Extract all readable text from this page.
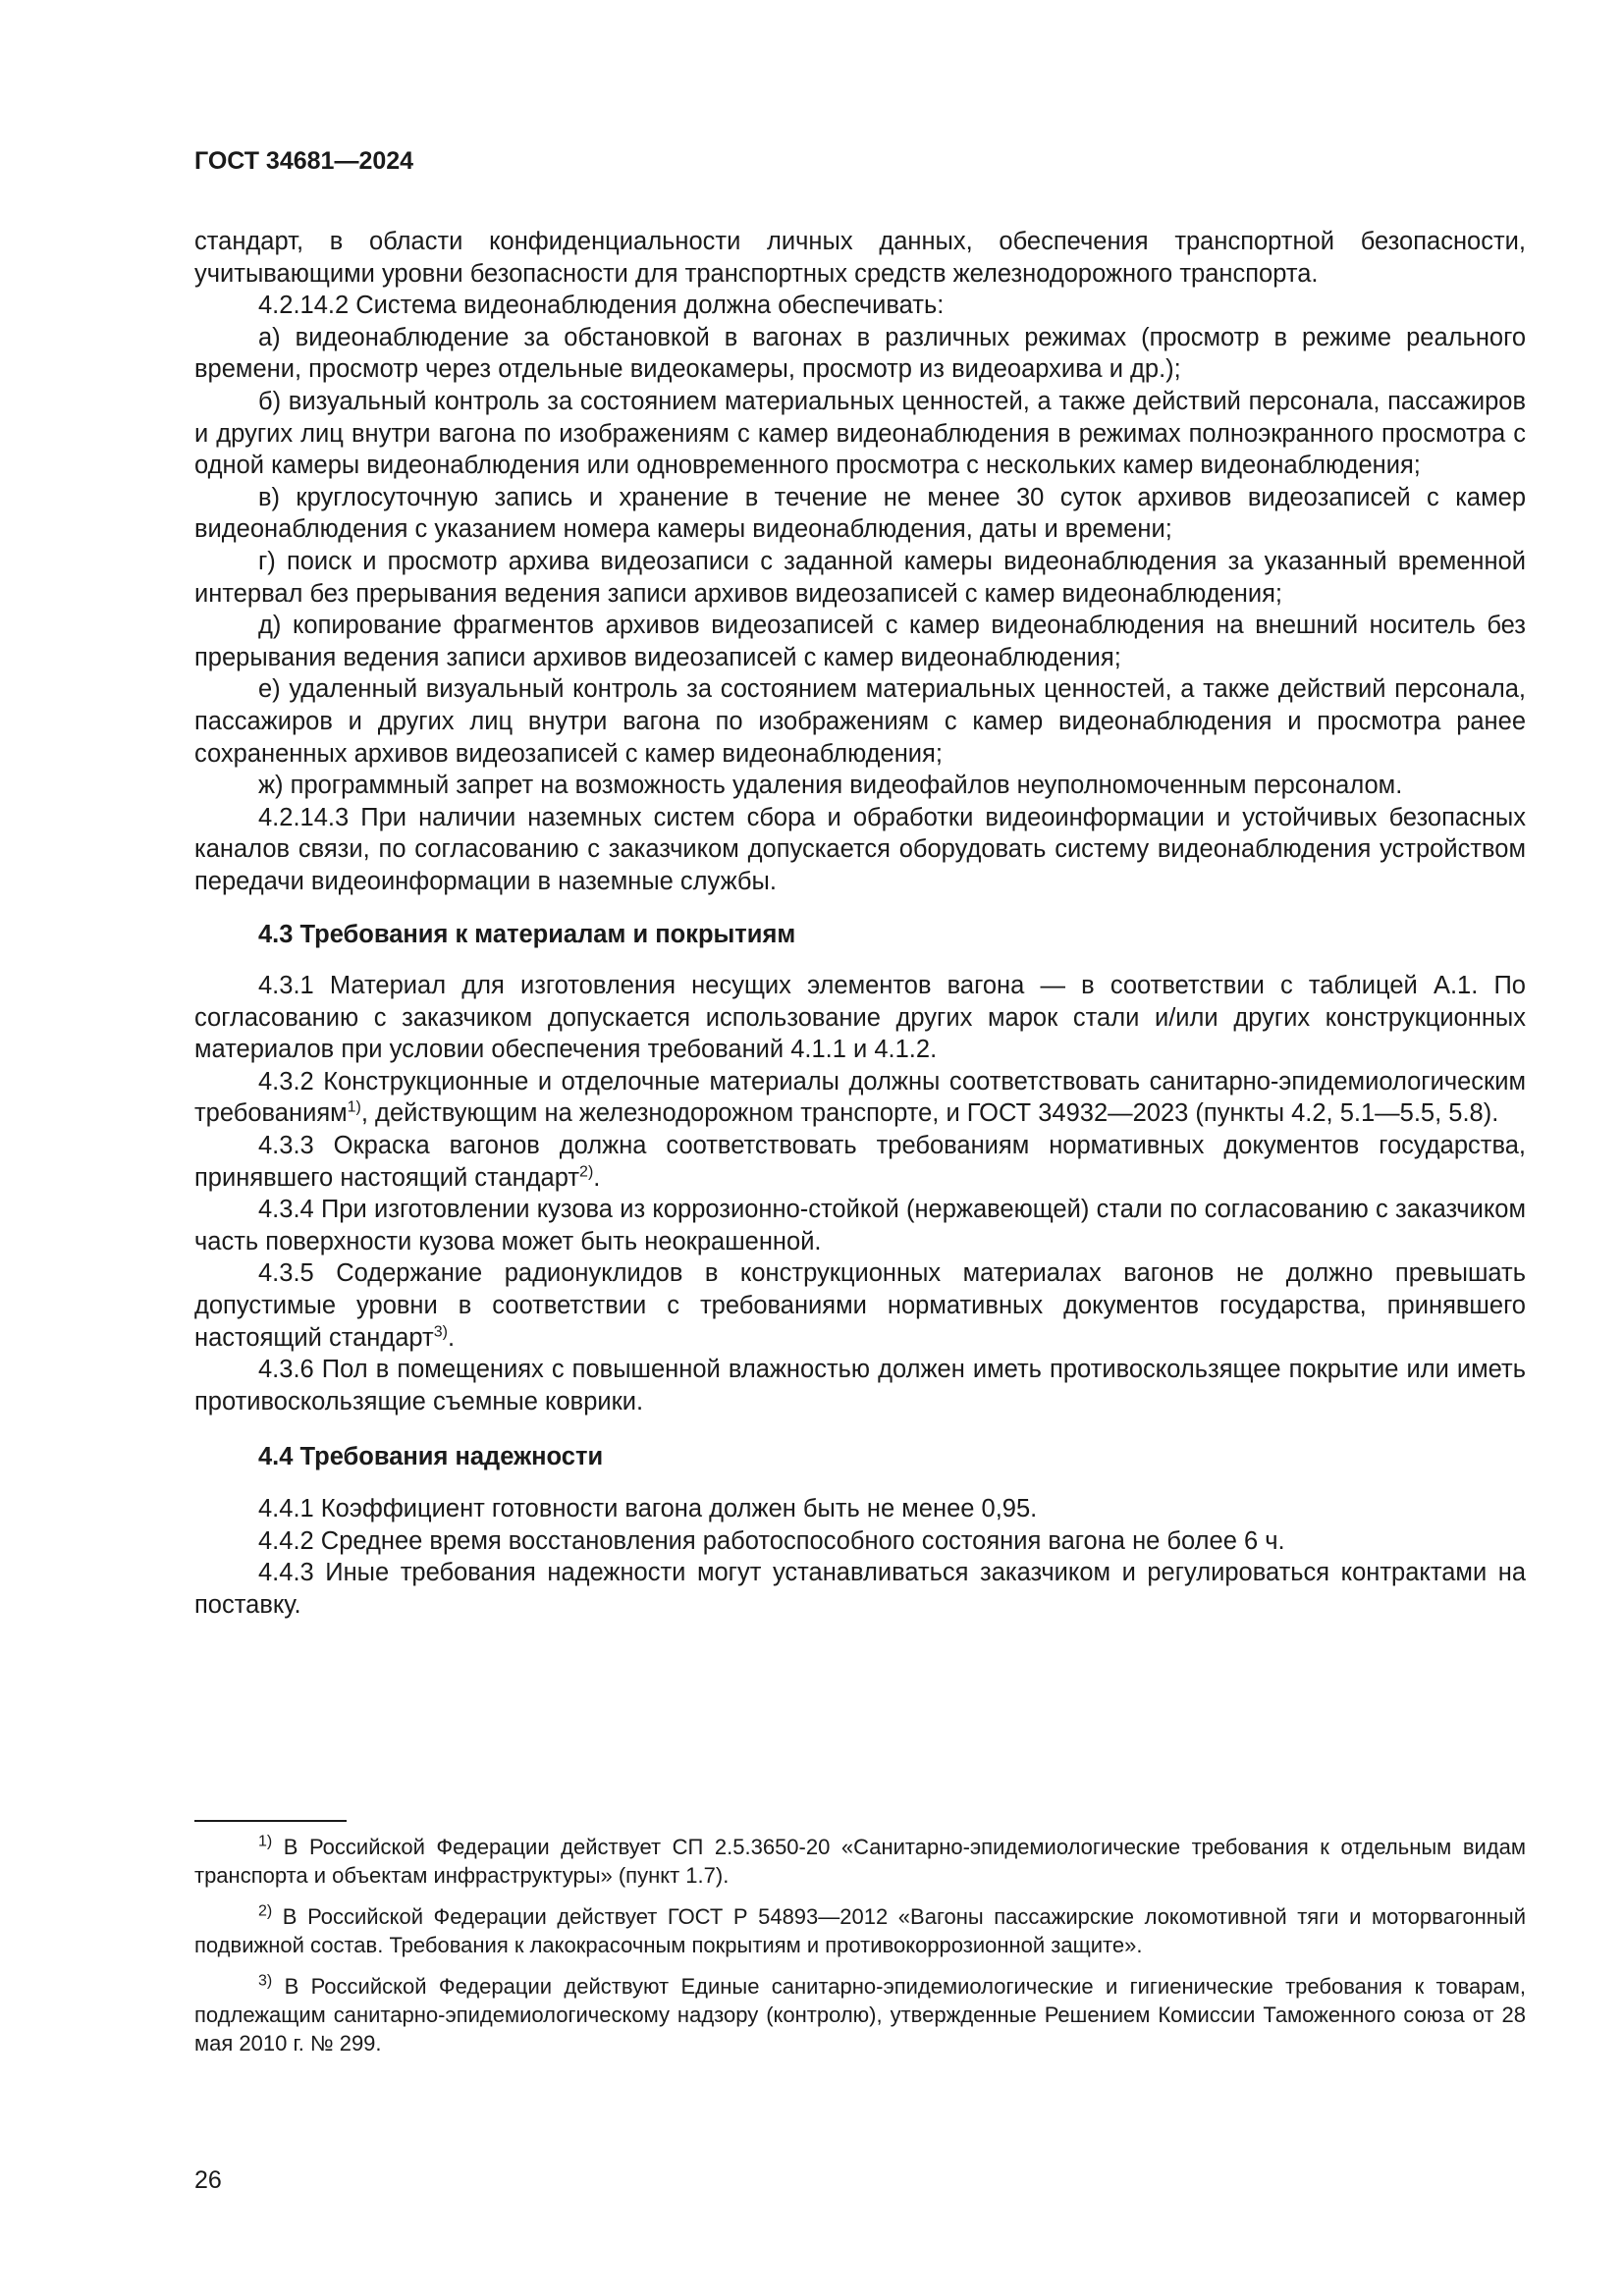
ГОСТ 34681—2024

стандарт, в области конфиденциальности личных данных, обеспечения транспортной безопасности, учитывающими уровни безопасности для транспортных средств железнодорожного транспорта.

4.2.14.2 Система видеонаблюдения должна обеспечивать:

а) видеонаблюдение за обстановкой в вагонах в различных режимах (просмотр в режиме реального времени, просмотр через отдельные видеокамеры, просмотр из видеоархива и др.);

б) визуальный контроль за состоянием материальных ценностей, а также действий персонала, пассажиров и других лиц внутри вагона по изображениям с камер видеонаблюдения в режимах полноэкранного просмотра с одной камеры видеонаблюдения или одновременного просмотра с нескольких камер видеонаблюдения;

в) круглосуточную запись и хранение в течение не менее 30 суток архивов видеозаписей с камер видеонаблюдения с указанием номера камеры видеонаблюдения, даты и времени;

г) поиск и просмотр архива видеозаписи с заданной камеры видеонаблюдения за указанный временной интервал без прерывания ведения записи архивов видеозаписей с камер видеонаблюдения;

д) копирование фрагментов архивов видеозаписей с камер видеонаблюдения на внешний носитель без прерывания ведения записи архивов видеозаписей с камер видеонаблюдения;

е) удаленный визуальный контроль за состоянием материальных ценностей, а также действий персонала, пассажиров и других лиц внутри вагона по изображениям с камер видеонаблюдения и просмотра ранее сохраненных архивов видеозаписей с камер видеонаблюдения;

ж) программный запрет на возможность удаления видеофайлов неуполномоченным персоналом.

4.2.14.3 При наличии наземных систем сбора и обработки видеоинформации и устойчивых безопасных каналов связи, по согласованию с заказчиком допускается оборудовать систему видеонаблюдения устройством передачи видеоинформации в наземные службы.

4.3 Требования к материалам и покрытиям

4.3.1 Материал для изготовления несущих элементов вагона — в соответствии с таблицей А.1. По согласованию с заказчиком допускается использование других марок стали и/или других конструкционных материалов при условии обеспечения требований 4.1.1 и 4.1.2.

4.3.2 Конструкционные и отделочные материалы должны соответствовать санитарно-эпидемиологическим требованиям$^{1)}$, действующим на железнодорожном транспорте, и ГОСТ 34932—2023 (пункты 4.2, 5.1—5.5, 5.8).

4.3.3 Окраска вагонов должна соответствовать требованиям нормативных документов государства, принявшего настоящий стандарт$^{2)}$.

4.3.4 При изготовлении кузова из коррозионно-стойкой (нержавеющей) стали по согласованию с заказчиком часть поверхности кузова может быть неокрашенной.

4.3.5 Содержание радионуклидов в конструкционных материалах вагонов не должно превышать допустимые уровни в соответствии с требованиями нормативных документов государства, принявшего настоящий стандарт$^{3)}$.

4.3.6 Пол в помещениях с повышенной влажностью должен иметь противоскользящее покрытие или иметь противоскользящие съемные коврики.

4.4 Требования надежности

4.4.1 Коэффициент готовности вагона должен быть не менее 0,95.

4.4.2 Среднее время восстановления работоспособного состояния вагона не более 6 ч.

4.4.3 Иные требования надежности могут устанавливаться заказчиком и регулироваться контрактами на поставку.

$^{1)}$ В Российской Федерации действует СП 2.5.3650-20 «Санитарно-эпидемиологические требования к отдельным видам транспорта и объектам инфраструктуры» (пункт 1.7).

$^{2)}$ В Российской Федерации действует ГОСТ Р 54893—2012 «Вагоны пассажирские локомотивной тяги и моторвагонный подвижной состав. Требования к лакокрасочным покрытиям и противокоррозионной защите».

$^{3)}$ В Российской Федерации действуют Единые санитарно-эпидемиологические и гигиенические требования к товарам, подлежащим санитарно-эпидемиологическому надзору (контролю), утвержденные Решением Комиссии Таможенного союза от 28 мая 2010 г. № 299.

26
